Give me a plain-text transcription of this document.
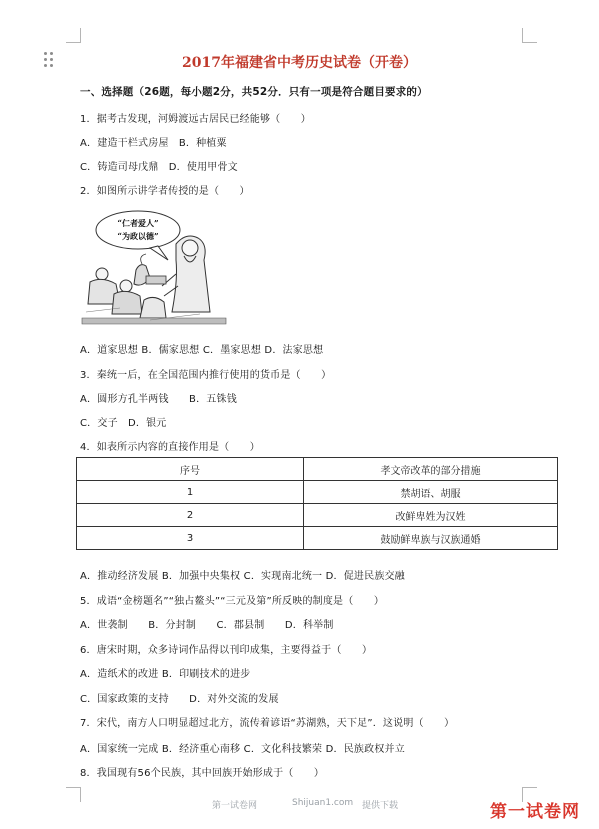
2017年福建省中考历史试卷（开卷）
一、选择题（26题，每小题2分，共52分．只有一项是符合题目要求的）
1．据考古发现，河姆渡远古居民已经能够（　　）
A．建造干栏式房屋　B．种植粟
C．铸造司母戊鼎　D．使用甲骨文
2．如图所示讲学者传授的是（　　）
“仁者爱人”
“为政以德”
A．道家思想 B．儒家思想 C．墨家思想 D．法家思想
3．秦统一后，在全国范围内推行使用的货币是（　　）
A．圆形方孔半两钱　　B．五铢钱
C．交子　D．银元
4．如表所示内容的直接作用是（　　）
序号	孝文帝改革的部分措施
1	禁胡语、胡服
2	改鲜卑姓为汉姓
3	鼓励鲜卑族与汉族通婚
A．推动经济发展 B．加强中央集权 C．实现南北统一 D．促进民族交融
5．成语“金榜题名”“独占鳌头”“三元及第”所反映的制度是（　　）
A．世袭制　　B．分封制　　C．郡县制　　D．科举制
6．唐宋时期，众多诗词作品得以刊印成集，主要得益于（　　）
A．造纸术的改进 B．印刷技术的进步
C．国家政策的支持　　D．对外交流的发展
7．宋代，南方人口明显超过北方，流传着谚语“苏湖熟，天下足”．这说明（　　）
A．国家统一完成 B．经济重心南移 C．文化科技繁荣 D．民族政权并立
8．我国现有56个民族，其中回族开始形成于（　　）
第一试卷网	Shijuan1.com 提供下载	第一试卷网
